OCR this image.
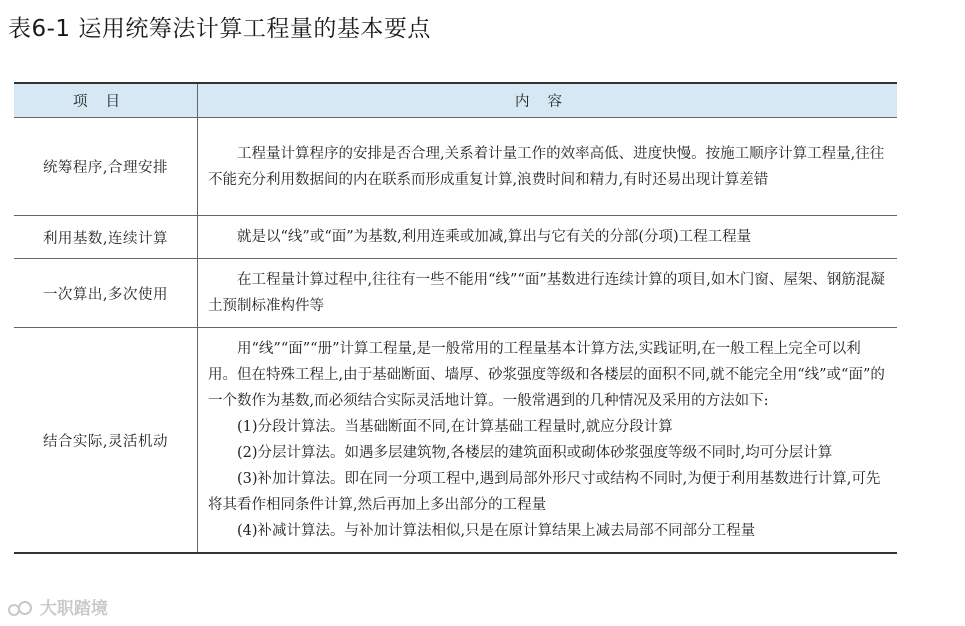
表6-1 运用统筹法计算工程量的基本要点
项目	内容
统筹程序,合理安排	工程量计算程序的安排是否合理,关系着计量工作的效率高低、进度快慢。按施工顺序计算工程量,往往不能充分利用数据间的内在联系而形成重复计算,浪费时间和精力,有时还易出现计算差错

利用基数,连续计算	就是以“线”或“面”为基数,利用连乘或加减,算出与它有关的分部(分项)工程工程量

一次算出,多次使用	在工程量计算过程中,往往有一些不能用“线”“面”基数进行连续计算的项目,如木门窗、屋架、钢筋混凝土预制标准构件等

结合实际,灵活机动	用“线”“面”“册”计算工程量,是一般常用的工程量基本计算方法,实践证明,在一般工程上完全可以利用。但在特殊工程上,由于基础断面、墙厚、砂浆强度等级和各楼层的面积不同,就不能完全用“线”或“面”的一个数作为基数,而必须结合实际灵活地计算。一般常遇到的几种情况及采用的方法如下:

(1)分段计算法。当基础断面不同,在计算基础工程量时,就应分段计算

(2)分层计算法。如遇多层建筑物,各楼层的建筑面积或砌体砂浆强度等级不同时,均可分层计算

(3)补加计算法。即在同一分项工程中,遇到局部外形尺寸或结构不同时,为便于利用基数进行计算,可先将其看作相同条件计算,然后再加上多出部分的工程量

(4)补减计算法。与补加计算法相似,只是在原计算结果上减去局部不同部分工程量

大职踏境
